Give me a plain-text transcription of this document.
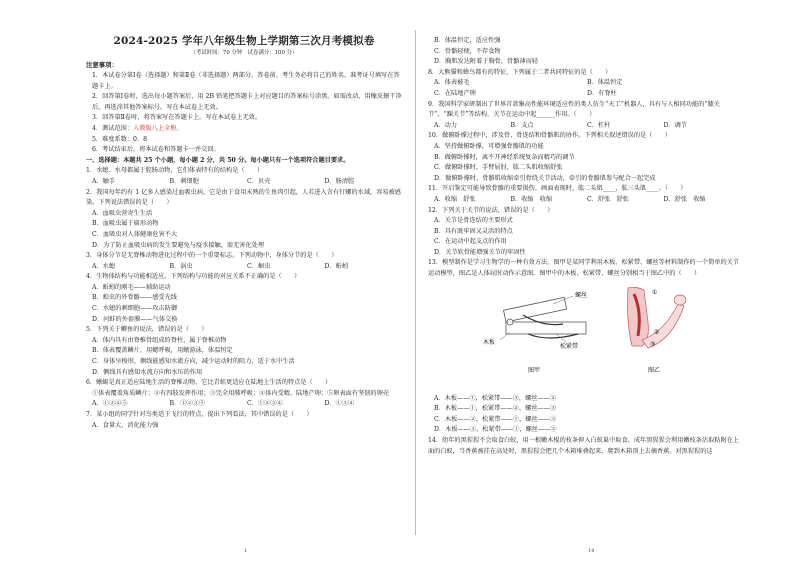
2024-2025 学年八年级生物上学期第三次月考模拟卷
（考试时间：70 分钟　试卷满分：100 分）
注意事项：
1．本试卷分第Ⅰ卷（选择题）和第Ⅱ卷（非选择题）两部分。答卷前，考生务必将自己的姓名、准考证号填写在答题卡上。
2．回答第Ⅰ卷时，选出每小题答案后，用 2B 铅笔把答题卡上对应题目的答案标号涂黑。如需改动，用橡皮擦干净后，再选涂其他答案标号。写在本试卷上无效。
3．回答第Ⅱ卷时，将答案写在答题卡上。写在本试卷上无效。
4．测试范围：人教版八上全册。
5．难度系数：0．8
6．考试结束后，将本试卷和答题卡一并交回。
一、选择题：本题共 25 个小题，每小题 2 分，共 50 分。每小题只有一个选项符合题目要求。
1．水螅、水母都属于腔肠动物，它们体表特有的结构是（　　）
A．触手	B．刺细胞	C．贝壳	D．肠清腔
2．我国每年约有 1 亿多人感染过血吸虫病，它是由于食用未熟的生鱼肉引起，人若进入含有钉螺的水域，容易被感染。下列说法错误的是（　　）
A．血吸虫营寄生生活
B．血吸虫属于扁形动物
C．血吸虫对人体健康危害不大
D．为了防止血吸虫病的发生要避免与疫水接触，需无害化处理
3．身体分节是无脊椎动物进化过程中的一个重要标志。下列动物中，身体分节的是（　　）
A．水螅	B．涡虫	C．蛔虫	D．蚯蚓
4．生物体结构与功能相适应。下列结构与功能的对应关系不正确的是（　　）
A．蚯蚓的刚毛——辅助运动
B．蝗虫的外骨骼——感受光线
C．水螅的刺细胞——攻击防御
D．河蚌的外套膜——气体交换
5．下列关于鲫鱼的说法，错误的是（　　）
A．体内具有由脊椎骨组成的脊柱，属于脊椎动物
B．体表覆盖鳞片，用鳃呼吸，用鳍游泳，体温恒定
C．身体呈梭形，侧线能感知水流方向，减少运动时的阻力，适于水中生活
D．侧线具有感知水流方向和水压的作用
6．蜥蜴是真正适应陆地生活的脊椎动物，它比青蛙更适应在陆地上生活的特点是（　　）
①体表覆盖角质鳞片；②有四肢发挥作用；③完全用肺呼吸；④体内受精、陆地产卵；⑤卵表面有坚韧的卵壳
A．①③④⑤	B．①②③⑤	C．①②③④	D．①③④
7．某小组的同学针对鸟类适于飞行的特点，提出下列看法，其中错误的是（　　）
A．食量大，消化能力强
B．体温恒定，适应性强
C．骨骼轻便，不存食物
D．胸肌发达附着于胸骨，骨骼薄而轻
8．大熊猫和蜂鸟都有的特征，下列属于二者共同特征的是（　　）
A．体表被毛	B．体温恒定
C．在陆地产卵	D．有脊柱
9．我国科学家研制出了世界首款集高性能环境适应性的类人仿生“天工”机器人，具有与人相同功能的“膝关节”、“踝关节”等结构，关节在运动中起______作用。（　　）
A．动力	B．支点	C．杠杆	D．调节
10．做俯卧撑过程中，涉及骨、骨连结和骨骼肌的协作。下列相关叙述错误的是（　　）
A．坚持做俯卧撑，可增强骨骼肌的功能
B．做俯卧撑时，离不开神经系统复杂而精巧的调节
C．做俯卧撑时，手臂屈肘，肱二头肌收缩舒张
D．做俯卧撑时，骨骼肌收缩牵引骨绕关节活动，牵引的骨骼肌参与配合一起完成
11．开启鉴定可能导致骨骼的重要损伤，画面表现时，肱二头肌____，肱三头肌____。（　　）
A．收缩　舒张	B．收缩　收缩	C．舒张　舒张	D．舒张　收缩
12．下列关于关节的说法，错误的是（　　）
A．关节是骨连结的主要形式
B．具有既牢固又灵活的特点
C．在运动中起支点的作用
D．关节软骨能增强关节的牢固性
13．模型制作是学习生物学的一种有效方法。图甲是某同学利用木板、松紧带、螺丝等材料制作的一个简单的关节运动模型，图乙是人体屈肘动作示意图。图甲中的木板、松紧带、螺丝分别相当于图乙中的（　　）
螺丝
木板
松紧带
图甲
①
②
③
图乙
A．木板——①，松紧带——③，螺丝——②
B．木板——①，松紧带——②，螺丝——③
C．木板——②，松紧带——①，螺丝——③
D．木板——③，松紧带——①，螺丝——②
14．幼年的黑猩猩不会取食白蚁，用一根嫩木棍的枝条伸入白蚁巢中取食。成年黑猩猩会利用嫩枝条沾取粘附在上面的白蚁，当香蕉被挂在高处时，黑猩猩会把几个木箱堆叠起来，爬到木箱顶上去摘香蕉。对黑猩猩的这
1	14
